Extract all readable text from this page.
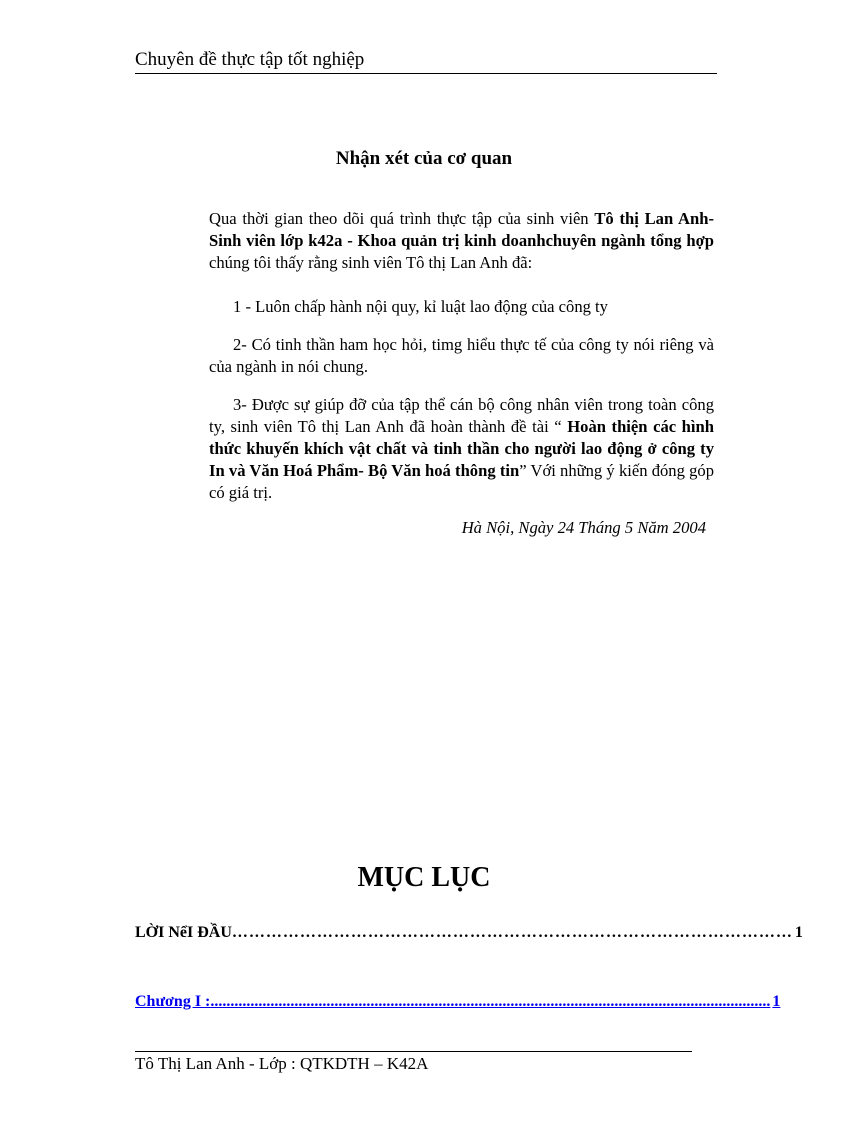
Chuyên đề thực tập tốt nghiệp
Nhận xét của cơ quan
Qua thời gian theo dõi quá trình thực tập của sinh viên Tô thị Lan Anh- Sinh viên lớp k42a - Khoa quản trị kinh doanhchuyên ngành tổng hợp chúng tôi thấy rằng sinh viên Tô thị Lan Anh đã:
1 - Luôn chấp hành nội quy, kỉ luật lao động của công ty
2- Có tinh thần ham học hỏi, timg hiểu thực tế của công ty nói riêng và của ngành in nói chung.
3- Được sự giúp đỡ của tập thể cán bộ công nhân viên trong toàn công ty, sinh viên Tô thị Lan Anh đã hoàn thành đề tài “ Hoàn thiện các hình thức khuyến khích vật chất và tinh thần cho người lao động ở công ty In và Văn Hoá Phẩm- Bộ Văn hoá thông tin” Với những ý kiến đóng góp có giá trị.
Hà Nội, Ngày 24 Tháng 5 Năm 2004
MỤC LỤC
LỜI NểI ĐẦU ……………………………………………………………………………………… 1
Chương I : ............................................................................................................................................ 1
Tô Thị Lan Anh - Lớp : QTKDTH – K42A
